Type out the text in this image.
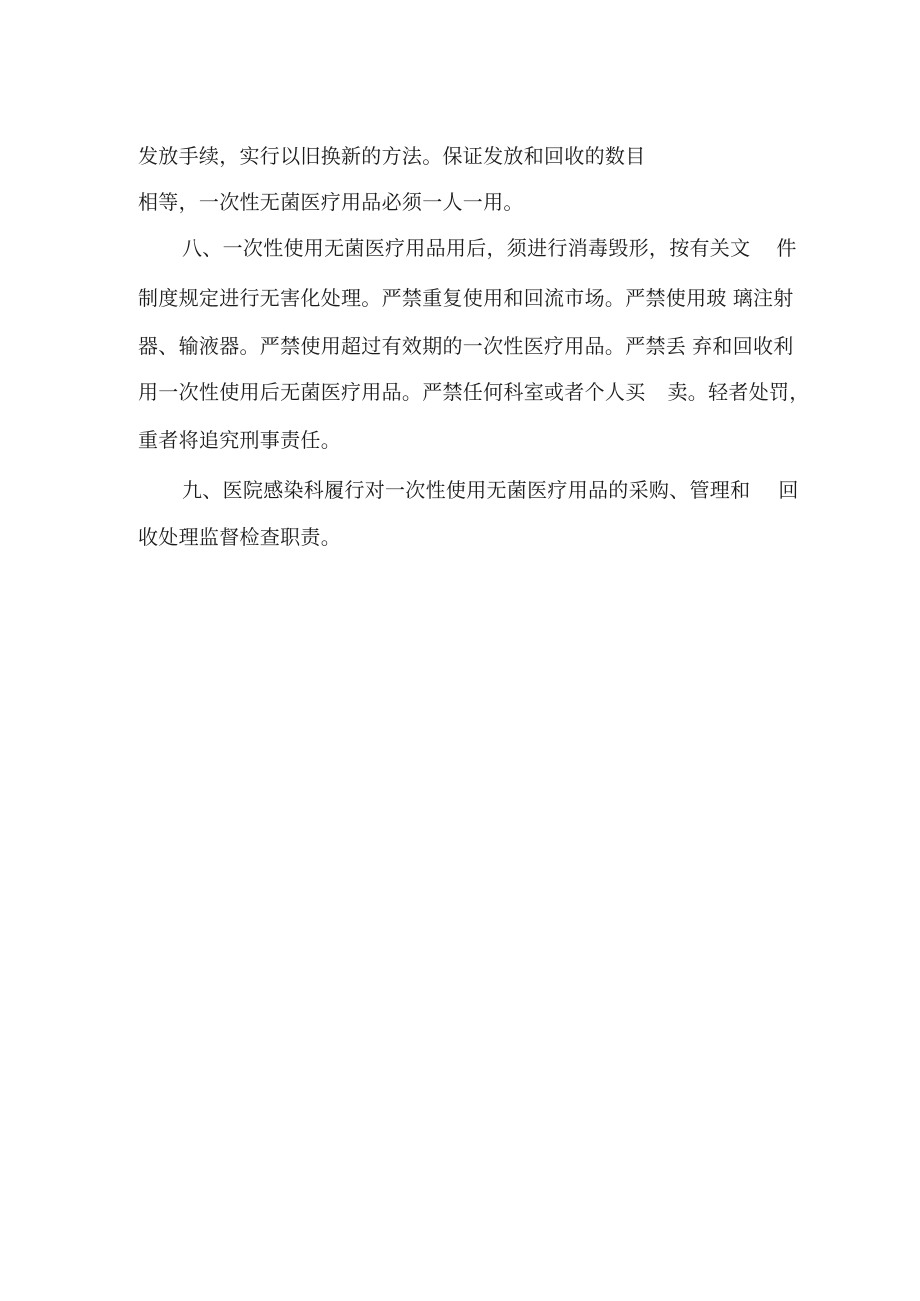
发放手续，实行以旧换新的方法。保证发放和回收的数目
相等，一次性无菌医疗用品必须一人一用。
八、一次性使用无菌医疗用品用后，须进行消毒毁形，按有关文 件
制度规定进行无害化处理。严禁重复使用和回流市场。严禁使用玻 璃注射
器、输液器。严禁使用超过有效期的一次性医疗用品。严禁丢 弃和回收利
用一次性使用后无菌医疗用品。严禁任何科室或者个人买 卖。轻者处罚，
重者将追究刑事责任。
九、医院感染科履行对一次性使用无菌医疗用品的采购、管理和 回
收处理监督检查职责。
